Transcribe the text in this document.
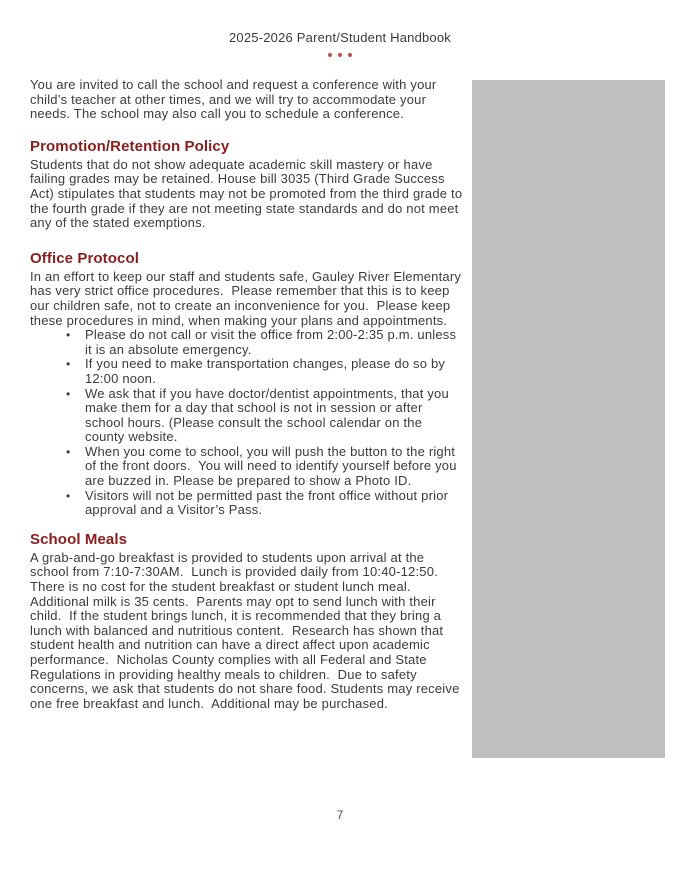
2025-2026 Parent/Student Handbook

You are invited to call the school and request a conference with your child’s teacher at other times, and we will try to accommodate your needs. The school may also call you to schedule a conference.

Promotion/Retention Policy

Students that do not show adequate academic skill mastery or have failing grades may be retained. House bill 3035 (Third Grade Success Act) stipulates that students may not be promoted from the third grade to the fourth grade if they are not meeting state standards and do not meet any of the stated exemptions.

Office Protocol

In an effort to keep our staff and students safe, Gauley River Elementary has very strict office procedures.  Please remember that this is to keep our children safe, not to create an inconvenience for you.  Please keep these procedures in mind, when making your plans and appointments.

•	Please do not call or visit the office from 2:00-2:35 p.m. unless it is an absolute emergency.
•	If you need to make transportation changes, please do so by 12:00 noon.
•	We ask that if you have doctor/dentist appointments, that you make them for a day that school is not in session or after school hours. (Please consult the school calendar on the county website.
•	When you come to school, you will push the button to the right of the front doors.  You will need to identify yourself before you are buzzed in. Please be prepared to show a Photo ID.
•	Visitors will not be permitted past the front office without prior approval and a Visitor’s Pass.
School Meals

A grab-and-go breakfast is provided to students upon arrival at the school from 7:10-7:30AM.  Lunch is provided daily from 10:40-12:50. There is no cost for the student breakfast or student lunch meal. Additional milk is 35 cents.  Parents may opt to send lunch with their child.  If the student brings lunch, it is recommended that they bring a lunch with balanced and nutritious content.  Research has shown that student health and nutrition can have a direct affect upon academic performance.  Nicholas County complies with all Federal and State Regulations in providing healthy meals to children.  Due to safety concerns, we ask that students do not share food. Students may receive one free breakfast and lunch.  Additional may be purchased.

7
